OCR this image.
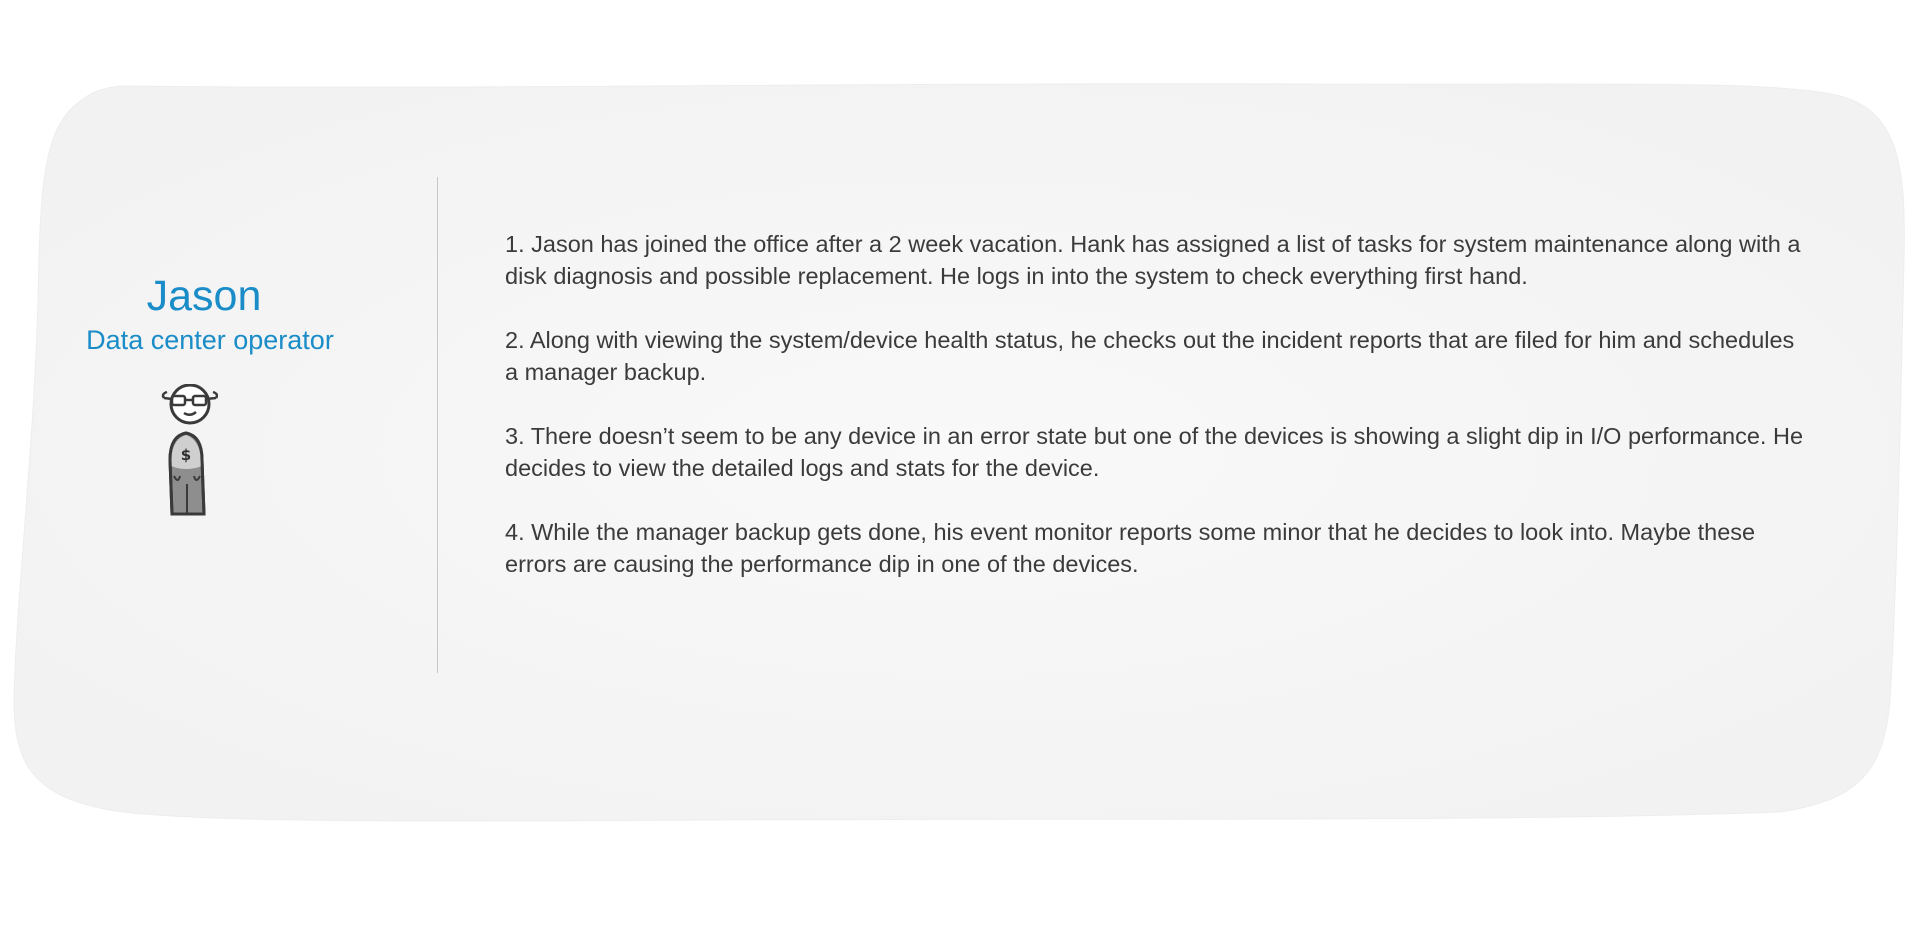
Jason

Data center operator

$

1. Jason has joined the office after a 2 week vacation. Hank has assigned a list of tasks for system maintenance along with a disk diagnosis and possible replacement. He logs in into the system to check everything first hand.

2. Along with viewing the system/device health status, he checks out the incident reports that are filed for him and schedules a manager backup.

3. There doesn’t seem to be any device in an error state but one of the devices is showing a slight dip in I/O performance. He decides to view the detailed logs and stats for the device.

4. While the manager backup gets done, his event monitor reports some minor that he decides to look into. Maybe these errors are causing the performance dip in one of the devices.
